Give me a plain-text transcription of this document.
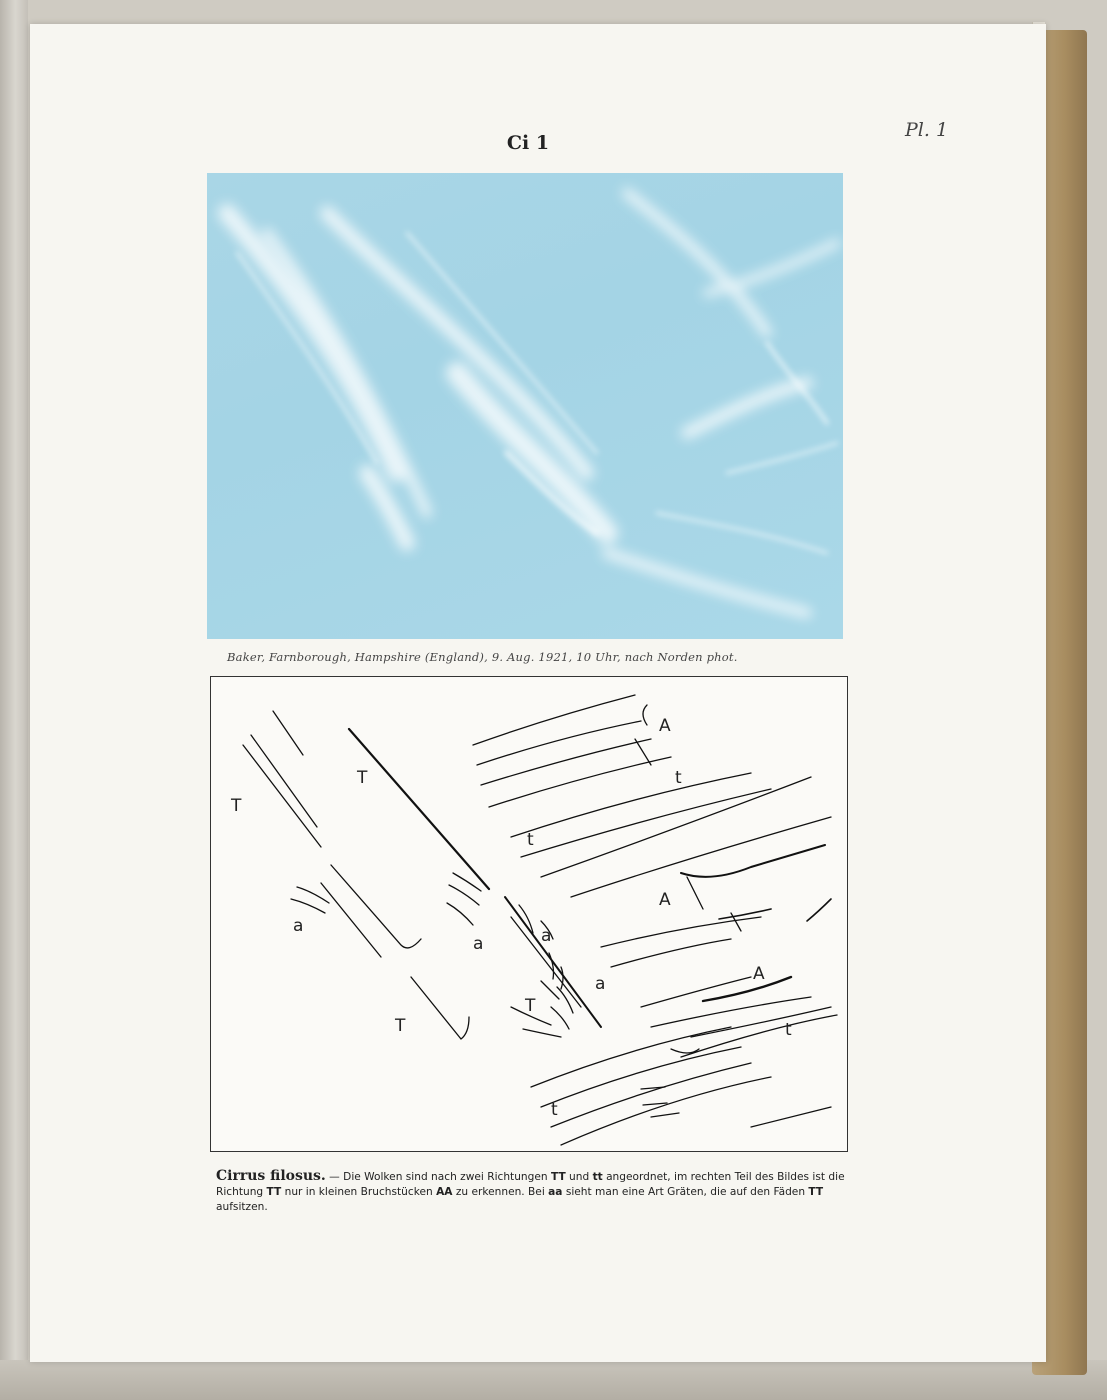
Ci 1
Pl. 1
Baker, Farnborough, Hampshire (England), 9. Aug. 1921, 10 Uhr, nach Norden phot.
T
T
T
T
a
a	a
a
A
A
A
t
t
t
t
Cirrus filosus. — Die Wolken sind nach zwei Richtungen TT und tt angeordnet, im rechten Teil des Bildes ist die Richtung TT nur in kleinen Bruchstücken AA zu erkennen. Bei aa sieht man eine Art Gräten, die auf den Fäden TT aufsitzen.
